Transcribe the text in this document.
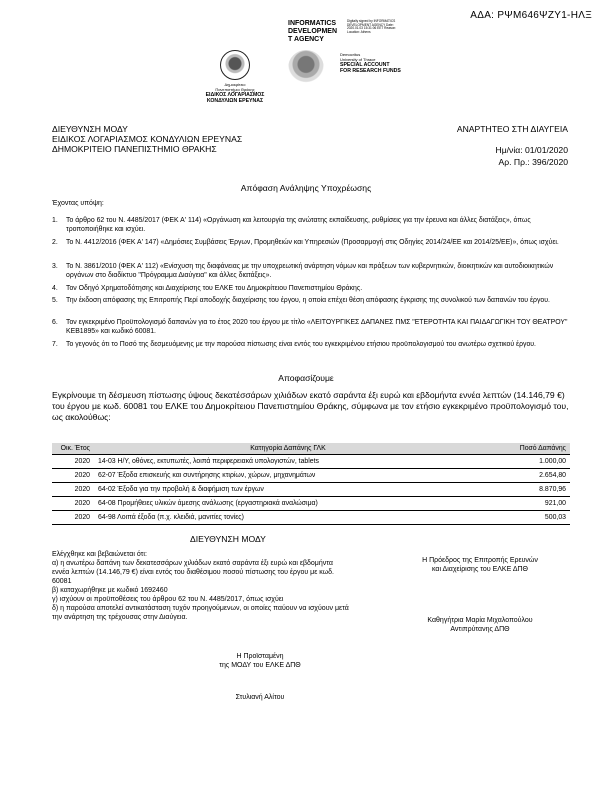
ΑΔΑ: ΡΨΜ646ΨΖΥ1-ΗΛΞ
Δημοκρίτειο
Πανεπιστήμιο Θράκης
ΕΙΔΙΚΟΣ ΛΟΓΑΡΙΑΣΜΟΣ
ΚΟΝΔΥΛΙΩΝ ΕΡΕΥΝΑΣ
INFORMATICS
DEVELOPMEN
T AGENCY
Digitally signed by INFORMATICS DEVELOPMENT AGENCY Date: 2020.01.03 15:31:06 EET Reason: Location: Athens
Democritus
University of Thrace
SPECIAL ACCOUNT
FOR RESEARCH FUNDS
ΔΙΕΥΘΥΝΣΗ ΜΟΔΥ
ΕΙΔΙΚΟΣ ΛΟΓΑΡΙΑΣΜΟΣ ΚΟΝΔΥΛΙΩΝ ΕΡΕΥΝΑΣ
ΔΗΜΟΚΡΙΤΕΙΟ ΠΑΝΕΠΙΣΤΗΜΙΟ ΘΡΑΚΗΣ
ΑΝΑΡΤΗΤΕΟ ΣΤΗ ΔΙΑΥΓΕΙΑ
Ημ/νία: 01/01/2020
Αρ. Πρ.: 396/2020
Απόφαση Ανάληψης Υποχρέωσης
Έχοντας υπόψη:
1. Το άρθρο 62 του Ν. 4485/2017 (ΦΕΚ Α' 114) «Οργάνωση και λειτουργία της ανώτατης εκπαίδευσης, ρυθμίσεις για την έρευνα και άλλες διατάξεις», όπως τροποποιήθηκε και ισχύει.
2. Το Ν. 4412/2016 (ΦΕΚ Α' 147) «Δημόσιες Συμβάσεις Έργων, Προμηθειών και Υπηρεσιών (Προσαρμογή στις Οδηγίες 2014/24/ΕΕ και 2014/25/ΕΕ)», όπως ισχύει.
3. Το Ν. 3861/2010 (ΦΕΚ Α' 112) «Ενίσχυση της διαφάνειας με την υποχρεωτική ανάρτηση νόμων και πράξεων των κυβερνητικών, διοικητικών και αυτοδιοικητικών οργάνων στο διαδίκτυο "Πρόγραμμα Διαύγεια" και άλλες διατάξεις».
4. Τον Οδηγό Χρηματοδότησης και Διαχείρισης του ΕΛΚΕ του Δημοκρίτειου Πανεπιστημίου Θράκης.
5. Την έκδοση απόφασης της Επιτροπής Περί αποδοχής διαχείρισης του έργου, η οποία επέχει θέση απόφασης έγκρισης της συνολικού των δαπανών του έργου.
6. Τον εγκεκριμένο Προϋπολογισμό δαπανών για το έτος 2020 του έργου με τίτλο «ΛΕΙΤΟΥΡΓΙΚΕΣ ΔΑΠΑΝΕΣ ΠΜΣ "ΕΤΕΡΟΤΗΤΑ ΚΑΙ ΠΑΙΔΑΓΩΓΙΚΗ ΤΟΥ ΘΕΑΤΡΟΥ" ΚΕΒ1895» και κωδικό 60081.
7. Το γεγονός ότι το Ποσό της δεσμευόμενης με την παρούσα πίστωσης είναι εντός του εγκεκριμένου ετήσιου προϋπολογισμού του ανωτέρω σχετικού έργου.
Αποφασίζουμε
Εγκρίνουμε τη δέσμευση πίστωσης ύψους δεκατέσσάρων χιλιάδων εκατό σαράντα έξι ευρώ και εβδομήντα εννέα λεπτών (14.146,79 €) του έργου με κωδ. 60081 του ΕΛΚΕ του Δημοκρίτειου Πανεπιστημίου Θράκης, σύμφωνα με τον ετήσιο εγκεκριμένο προϋπολογισμό του, ως ακολούθως:
Οικ. Έτος	Κατηγορία Δαπάνης ΓΛΚ	Ποσό Δαπάνης
2020	14-03 Η/Υ, οθόνες, εκτυπωτές, λοιπά περιφερειακά υπολογιστών, tablets	1.000,00
2020	62-07 Έξοδα επισκευής και συντήρησης κτιρίων, χώρων, μηχανημάτων	2.654,80
2020	64-02 Έξοδα για την προβολή & διαφήμιση των έργων	8.870,96
2020	64-08 Προμήθειες υλικών άμεσης ανάλωσης (εργαστηριακά αναλώσιμα)	921,00
2020	64-98 Λοιπά έξοδα (π.χ. κλειδιά, μανιτίες τονίες)	500,03
ΔΙΕΥΘΥΝΣΗ ΜΟΔΥ
Ελέγχθηκε και βεβαιώνεται ότι:
α) η ανωτέρω δαπάνη των δεκατεσσάρων χιλιάδων εκατό σαράντα έξι ευρώ και εβδομήντα εννέα λεπτών (14.146,79 €) είναι εντός του διαθέσιμου ποσού πίστωσης του έργου με κωδ. 60081
β) καταχωρήθηκε με κωδικό 1692460
γ) ισχύουν οι προϋποθέσεις του άρθρου 62 του Ν. 4485/2017, όπως ισχύει
δ) η παρούσα αποτελεί αντικατάσταση τυχόν προηγούμενων, οι οποίες παύουν να ισχύουν μετά την ανάρτηση της τρέχουσας στην Διαύγεια.
Η Πρόεδρος της Επιτροπής Ερευνών
και Διαχείρισης του ΕΛΚΕ ΔΠΘ
Καθηγήτρια Μαρία Μιχαλοπούλου
Αντιπρύτανης ΔΠΘ
Η Προϊσταμένη
της ΜΟΔΥ του ΕΛΚΕ ΔΠΘ
Στυλιανή Αλίτου
